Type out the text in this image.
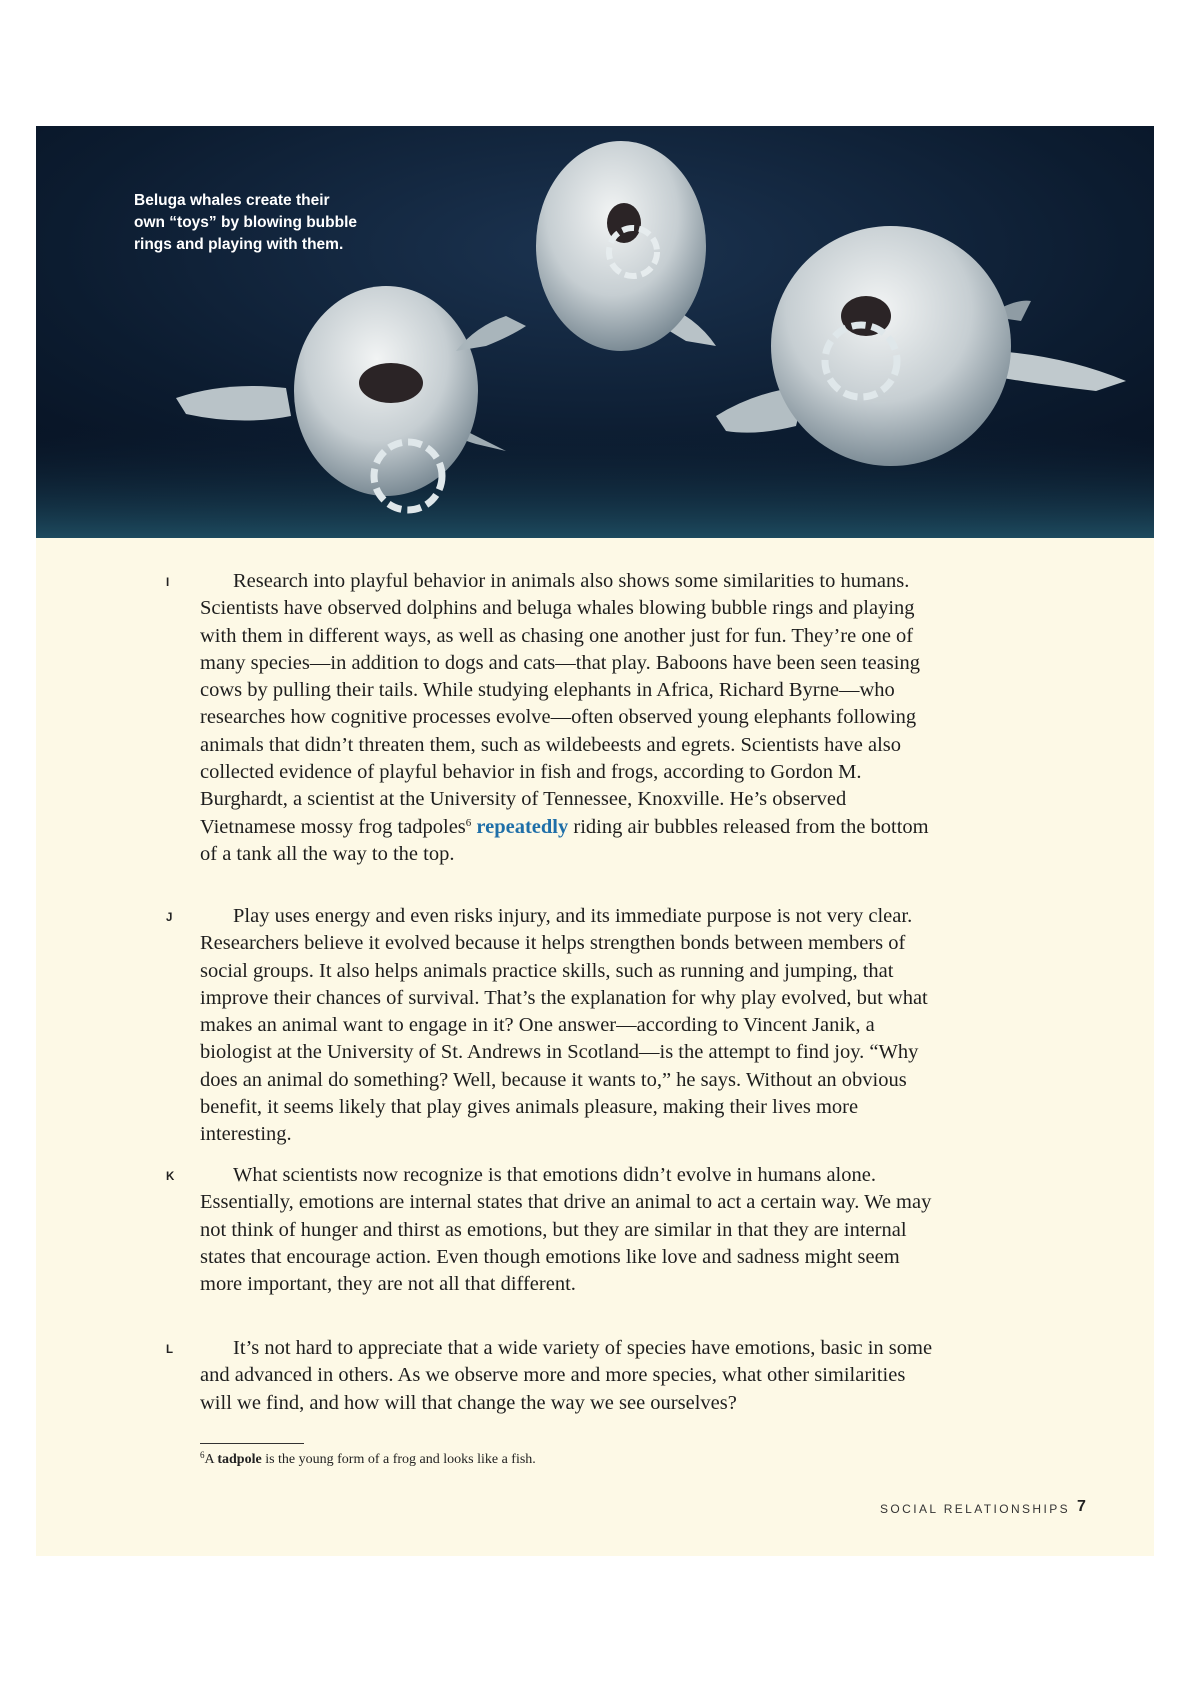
Beluga whales create their own “toys” by blowing bubble rings and playing with them.
I	Research into playful behavior in animals also shows some similarities to humans. Scientists have observed dolphins and beluga whales blowing bubble rings and playing with them in different ways, as well as chasing one another just for fun. They’re one of many species—in addition to dogs and cats—that play. Baboons have been seen teasing cows by pulling their tails. While studying elephants in Africa, Richard Byrne—who researches how cognitive processes evolve—often observed young elephants following animals that didn’t threaten them, such as wildebeests and egrets. Scientists have also collected evidence of playful behavior in fish and frogs, according to Gordon M. Burghardt, a scientist at the University of Tennessee, Knoxville. He’s observed Vietnamese mossy frog tadpoles$^6$ repeatedly riding air bubbles released from the bottom of a tank all the way to the top.

J	Play uses energy and even risks injury, and its immediate purpose is not very clear. Researchers believe it evolved because it helps strengthen bonds between members of social groups. It also helps animals practice skills, such as running and jumping, that improve their chances of survival. That’s the explanation for why play evolved, but what makes an animal want to engage in it? One answer—according to Vincent Janik, a biologist at the University of St. Andrews in Scotland—is the attempt to find joy. “Why does an animal do something? Well, because it wants to,” he says. Without an obvious benefit, it seems likely that play gives animals pleasure, making their lives more interesting.

K	What scientists now recognize is that emotions didn’t evolve in humans alone. Essentially, emotions are internal states that drive an animal to act a certain way. We may not think of hunger and thirst as emotions, but they are similar in that they are internal states that encourage action. Even though emotions like love and sadness might seem more important, they are not all that different.

L	It’s not hard to appreciate that a wide variety of species have emotions, basic in some and advanced in others. As we observe more and more species, what other similarities will we find, and how will that change the way we see ourselves?

$^6$A tadpole is the young form of a frog and looks like a fish.

SOCIAL RELATIONSHIPS 7
